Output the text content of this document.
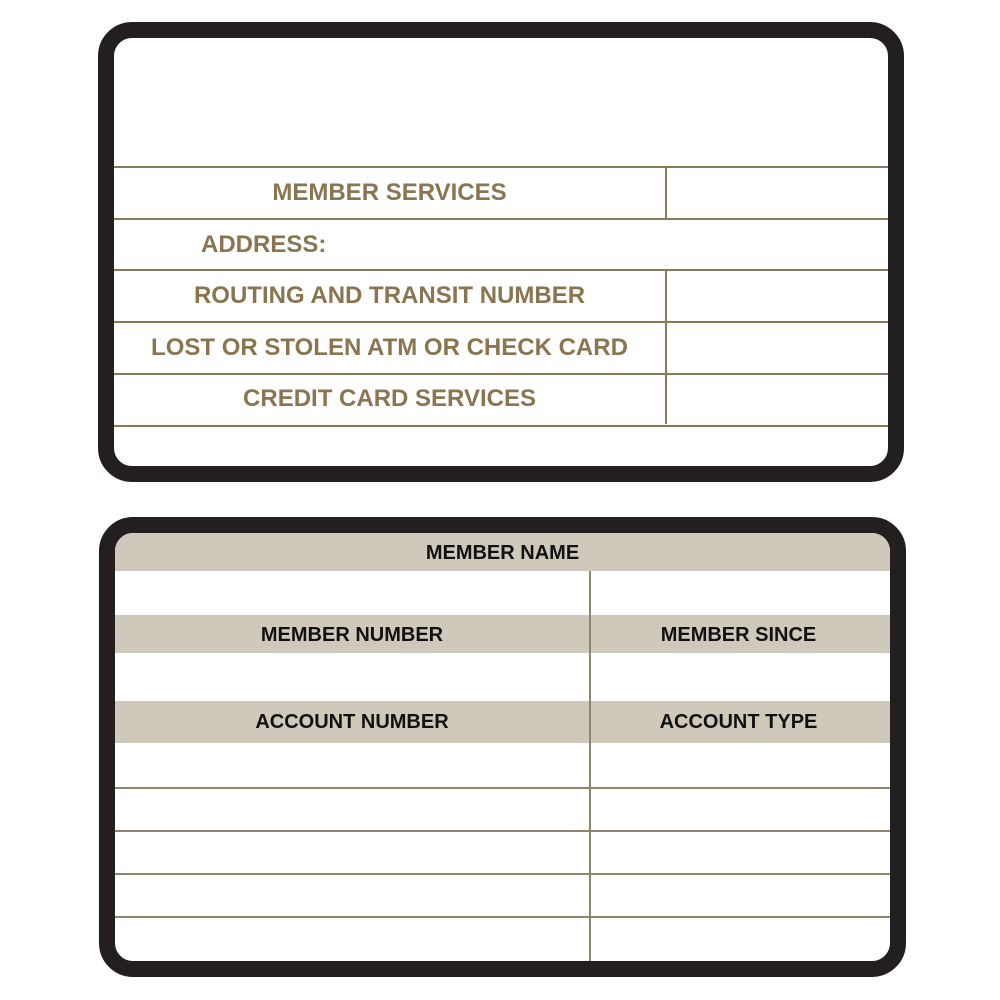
MEMBER SERVICES
ADDRESS:
ROUTING AND TRANSIT NUMBER
LOST OR STOLEN ATM OR CHECK CARD
CREDIT CARD SERVICES
MEMBER NAME
MEMBER NUMBER	MEMBER SINCE
ACCOUNT NUMBER	ACCOUNT TYPE
